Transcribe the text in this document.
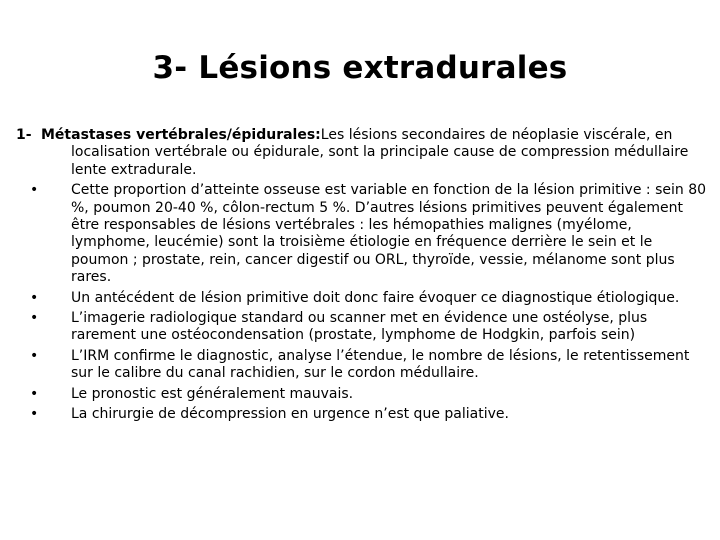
3- Lésions extradurales
1- Métastases vertébrales/épidurales:Les lésions secondaires de néoplasie viscérale, en localisation vertébrale ou épidurale, sont la principale cause de compression médullaire lente extradurale.
• Cette proportion d’atteinte osseuse est variable en fonction de la lésion primitive : sein 80 %, poumon 20-40 %, côlon-rectum 5 %. D’autres lésions primitives peuvent également être responsables de lésions vertébrales : les hémopathies malignes (myélome, lymphome, leucémie) sont la troisième étiologie en fréquence derrière le sein et le poumon ; prostate, rein, cancer digestif ou ORL, thyroïde, vessie, mélanome sont plus rares.
• Un antécédent de lésion primitive doit donc faire évoquer ce diagnostique étiologique.
• L’imagerie radiologique standard ou scanner met en évidence une ostéolyse, plus rarement une ostéocondensation (prostate, lymphome de Hodgkin, parfois sein)
• L’IRM confirme le diagnostic, analyse l’étendue, le nombre de lésions, le retentissement sur le calibre du canal rachidien, sur le cordon médullaire.
• Le pronostic est généralement mauvais.
• La chirurgie de décompression en urgence n’est que paliative.
